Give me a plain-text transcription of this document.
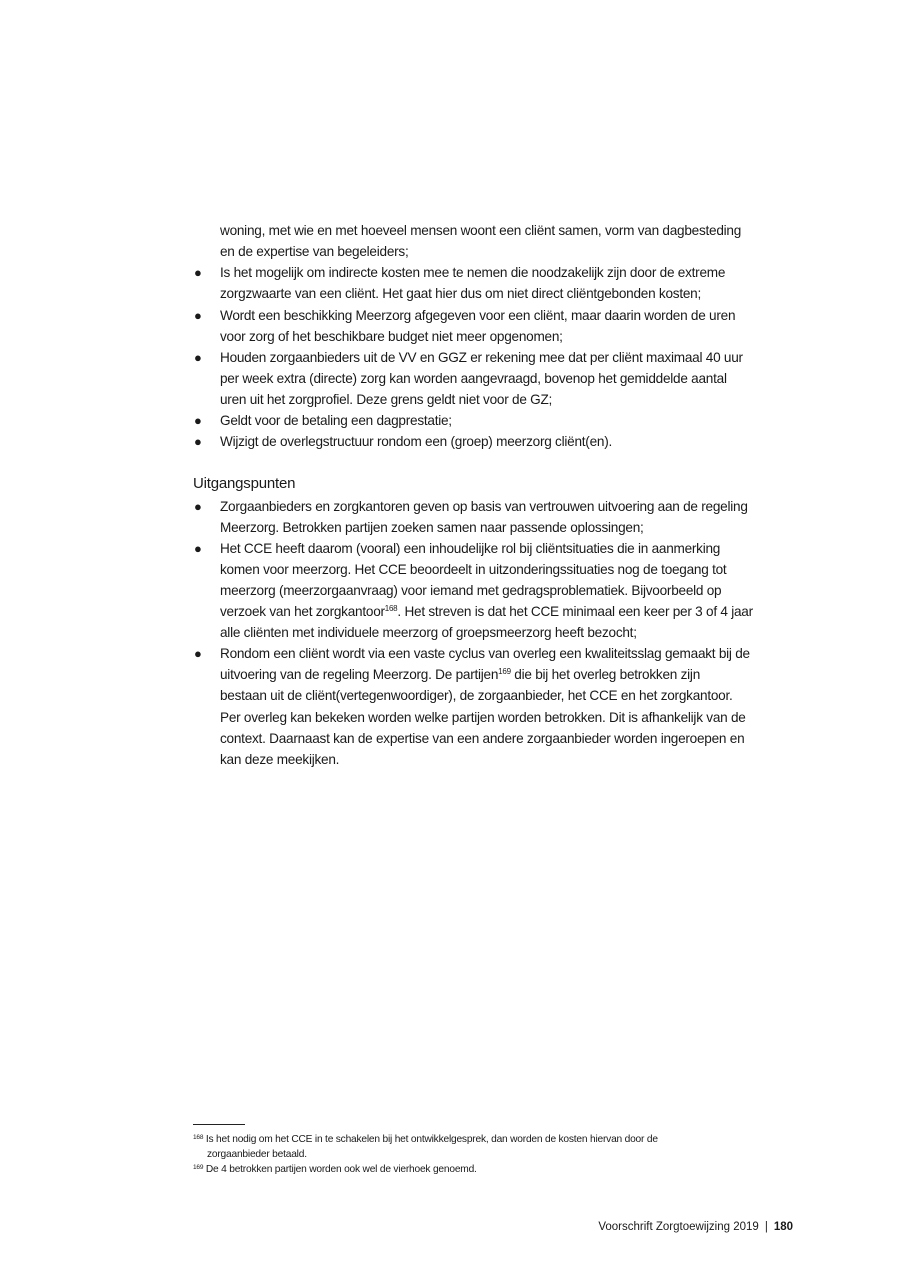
woning, met wie en met hoeveel mensen woont een cliënt samen, vorm van dagbesteding
en de expertise van begeleiders;
● Is het mogelijk om indirecte kosten mee te nemen die noodzakelijk zijn door de extreme
zorgzwaarte van een cliënt. Het gaat hier dus om niet direct cliëntgebonden kosten;
● Wordt een beschikking Meerzorg afgegeven voor een cliënt, maar daarin worden de uren
voor zorg of het beschikbare budget niet meer opgenomen;
● Houden zorgaanbieders uit de VV en GGZ er rekening mee dat per cliënt maximaal 40 uur
per week extra (directe) zorg kan worden aangevraagd, bovenop het gemiddelde aantal
uren uit het zorgprofiel. Deze grens geldt niet voor de GZ;
● Geldt voor de betaling een dagprestatie;
● Wijzigt de overlegstructuur rondom een (groep) meerzorg cliënt(en).
Uitgangspunten
● Zorgaanbieders en zorgkantoren geven op basis van vertrouwen uitvoering aan de regeling
Meerzorg. Betrokken partijen zoeken samen naar passende oplossingen;
● Het CCE heeft daarom (vooral) een inhoudelijke rol bij cliëntsituaties die in aanmerking
komen voor meerzorg. Het CCE beoordeelt in uitzonderingssituaties nog de toegang tot
meerzorg (meerzorgaanvraag) voor iemand met gedragsproblematiek. Bijvoorbeeld op
verzoek van het zorgkantoor$^{168}$. Het streven is dat het CCE minimaal een keer per 3 of 4 jaar
alle cliënten met individuele meerzorg of groepsmeerzorg heeft bezocht;
● Rondom een cliënt wordt via een vaste cyclus van overleg een kwaliteitsslag gemaakt bij de
uitvoering van de regeling Meerzorg. De partijen$^{169}$ die bij het overleg betrokken zijn
bestaan uit de cliënt(vertegenwoordiger), de zorgaanbieder, het CCE en het zorgkantoor.
Per overleg kan bekeken worden welke partijen worden betrokken. Dit is afhankelijk van de
context. Daarnaast kan de expertise van een andere zorgaanbieder worden ingeroepen en
kan deze meekijken.
$^{168}$ Is het nodig om het CCE in te schakelen bij het ontwikkelgesprek, dan worden de kosten hiervan door de
zorgaanbieder betaald.
$^{169}$ De 4 betrokken partijen worden ook wel de vierhoek genoemd.
Voorschrift Zorgtoewijzing 2019 | 180
